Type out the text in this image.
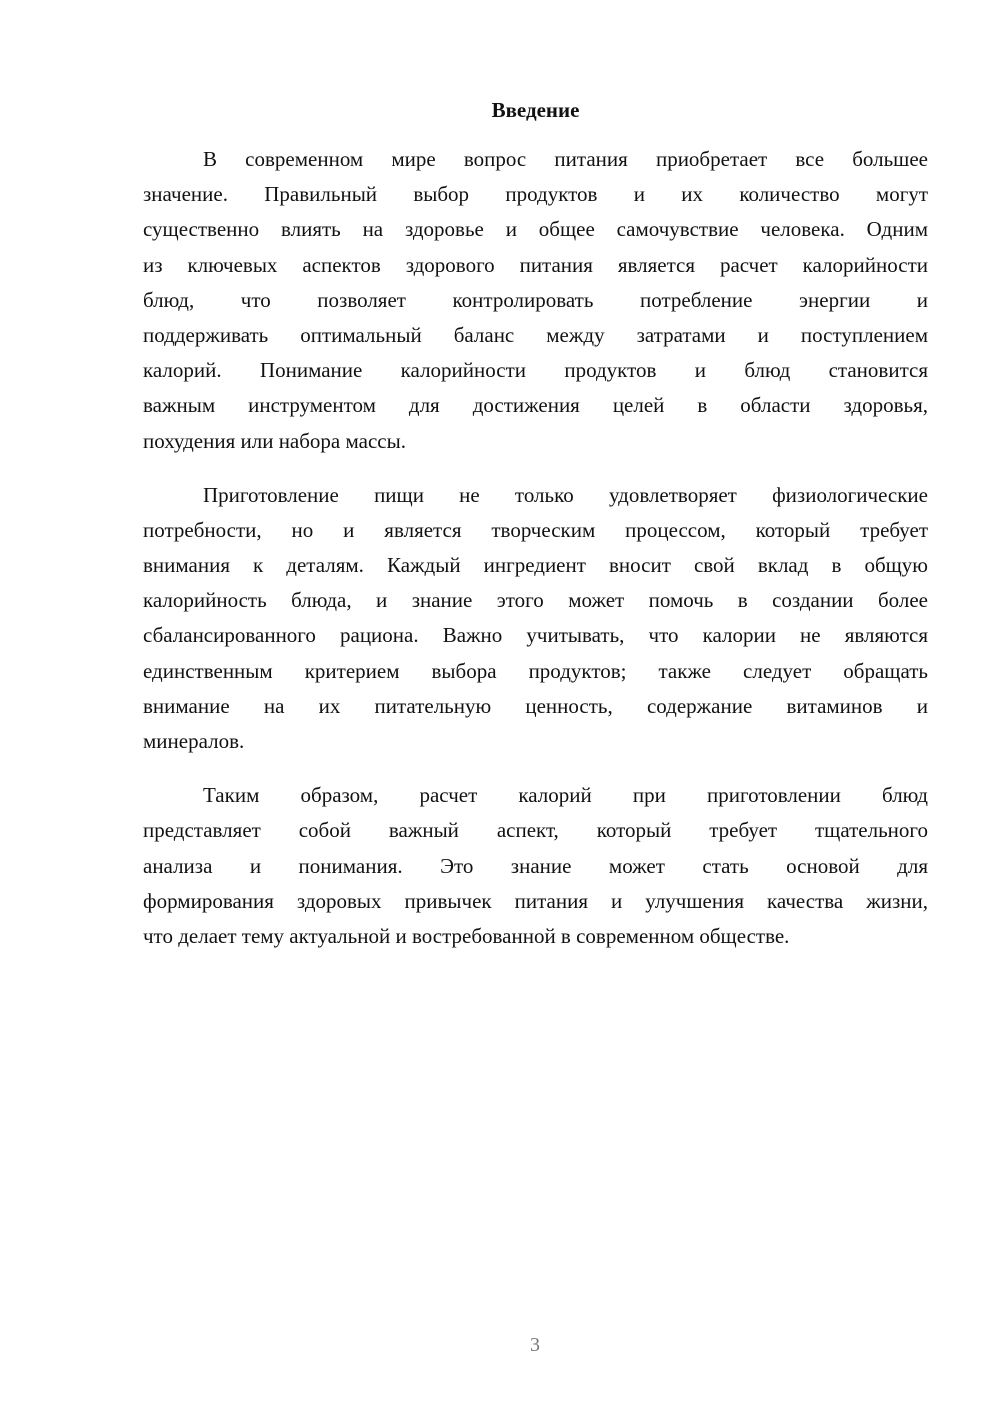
Введение
В современном мире вопрос питания приобретает все большее
значение. Правильный выбор продуктов и их количество могут
существенно влиять на здоровье и общее самочувствие человека. Одним
из ключевых аспектов здорового питания является расчет калорийности
блюд, что позволяет контролировать потребление энергии и
поддерживать оптимальный баланс между затратами и поступлением
калорий. Понимание калорийности продуктов и блюд становится
важным инструментом для достижения целей в области здоровья,
похудения или набора массы.
Приготовление пищи не только удовлетворяет физиологические
потребности, но и является творческим процессом, который требует
внимания к деталям. Каждый ингредиент вносит свой вклад в общую
калорийность блюда, и знание этого может помочь в создании более
сбалансированного рациона. Важно учитывать, что калории не являются
единственным критерием выбора продуктов; также следует обращать
внимание на их питательную ценность, содержание витаминов и
минералов.
Таким образом, расчет калорий при приготовлении блюд
представляет собой важный аспект, который требует тщательного
анализа и понимания. Это знание может стать основой для
формирования здоровых привычек питания и улучшения качества жизни,
что делает тему актуальной и востребованной в современном обществе.
3
